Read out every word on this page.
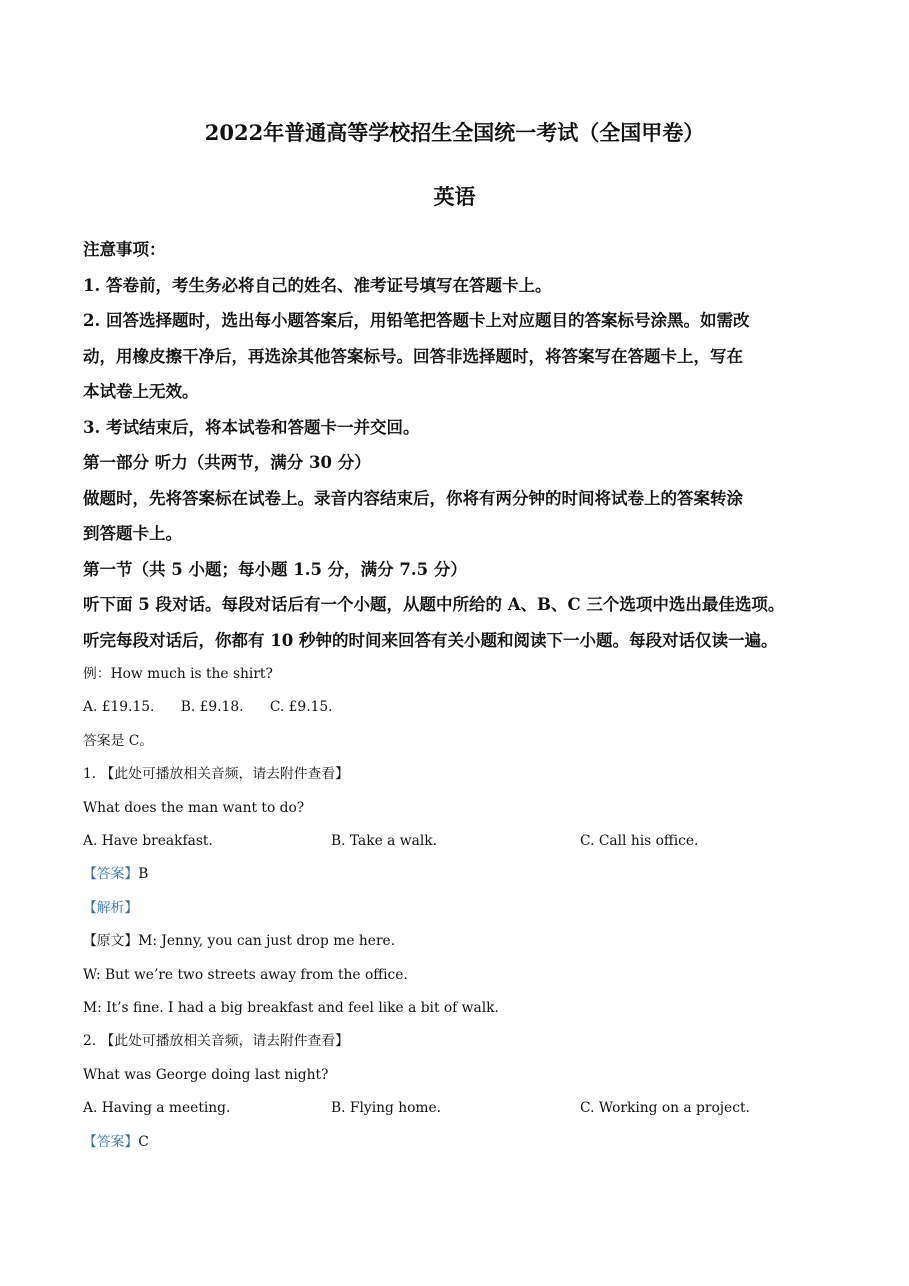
2022年普通高等学校招生全国统一考试（全国甲卷）
英语
注意事项：
1. 答卷前，考生务必将自己的姓名、准考证号填写在答题卡上。
2. 回答选择题时，选出每小题答案后，用铅笔把答题卡上对应题目的答案标号涂黑。如需改
动，用橡皮擦干净后，再选涂其他答案标号。回答非选择题时，将答案写在答题卡上，写在
本试卷上无效。
3. 考试结束后，将本试卷和答题卡一并交回。
第一部分 听力（共两节，满分 30 分）
做题时，先将答案标在试卷上。录音内容结束后，你将有两分钟的时间将试卷上的答案转涂
到答题卡上。
第一节（共 5 小题；每小题 1.5 分，满分 7.5 分）
听下面 5 段对话。每段对话后有一个小题，从题中所给的 A、B、C 三个选项中选出最佳选项。
听完每段对话后，你都有 10 秒钟的时间来回答有关小题和阅读下一小题。每段对话仅读一遍。
例：How much is the shirt?
A. £19.15.      B. £9.18.      C. £9.15.
答案是 C。
1. 【此处可播放相关音频，请去附件查看】
What does the man want to do?
A. Have breakfast.	B. Take a walk.	C. Call his office.
【答案】B
【解析】
【原文】M: Jenny, you can just drop me here.
W: But we’re two streets away from the office.
M: It’s fine. I had a big breakfast and feel like a bit of walk.
2. 【此处可播放相关音频，请去附件查看】
What was George doing last night?
A. Having a meeting.	B. Flying home.	C. Working on a project.
【答案】C
